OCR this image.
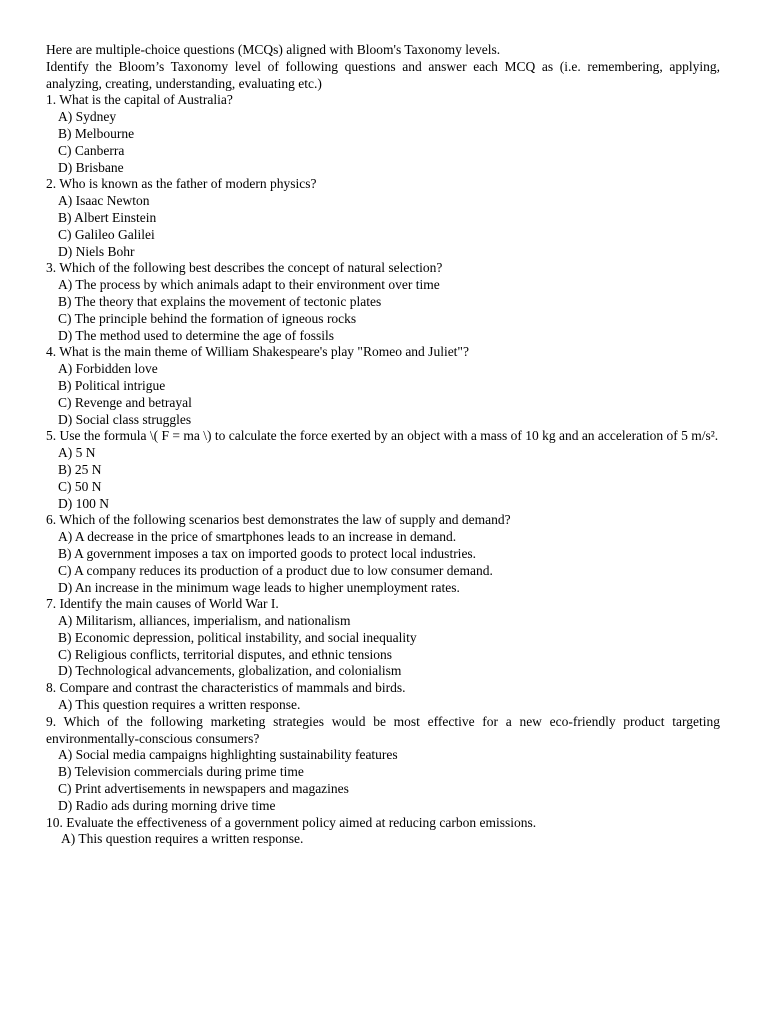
Here are multiple-choice questions (MCQs) aligned with Bloom's Taxonomy levels.

Identify the Bloom’s Taxonomy level of following questions and answer each MCQ as (i.e. remembering, applying, analyzing, creating, understanding, evaluating etc.)

1. What is the capital of Australia?

A) Sydney
B) Melbourne
C) Canberra
D) Brisbane

2. Who is known as the father of modern physics?

A) Isaac Newton
B) Albert Einstein
C) Galileo Galilei
D) Niels Bohr

3. Which of the following best describes the concept of natural selection?

A) The process by which animals adapt to their environment over time
B) The theory that explains the movement of tectonic plates
C) The principle behind the formation of igneous rocks
D) The method used to determine the age of fossils

4. What is the main theme of William Shakespeare's play "Romeo and Juliet"?

A) Forbidden love
B) Political intrigue
C) Revenge and betrayal
D) Social class struggles

5. Use the formula \( F = ma \) to calculate the force exerted by an object with a mass of 10 kg and an acceleration of 5 m/s².

A) 5 N
B) 25 N
C) 50 N
D) 100 N

6. Which of the following scenarios best demonstrates the law of supply and demand?

A) A decrease in the price of smartphones leads to an increase in demand.
B) A government imposes a tax on imported goods to protect local industries.
C) A company reduces its production of a product due to low consumer demand.
D) An increase in the minimum wage leads to higher unemployment rates.

7. Identify the main causes of World War I.

A) Militarism, alliances, imperialism, and nationalism
B) Economic depression, political instability, and social inequality
C) Religious conflicts, territorial disputes, and ethnic tensions
D) Technological advancements, globalization, and colonialism

8. Compare and contrast the characteristics of mammals and birds.

A) This question requires a written response.

9. Which of the following marketing strategies would be most effective for a new eco-friendly product targeting environmentally-conscious consumers?

A) Social media campaigns highlighting sustainability features
B) Television commercials during prime time
C) Print advertisements in newspapers and magazines
D) Radio ads during morning drive time

10. Evaluate the effectiveness of a government policy aimed at reducing carbon emissions.

A) This question requires a written response.
